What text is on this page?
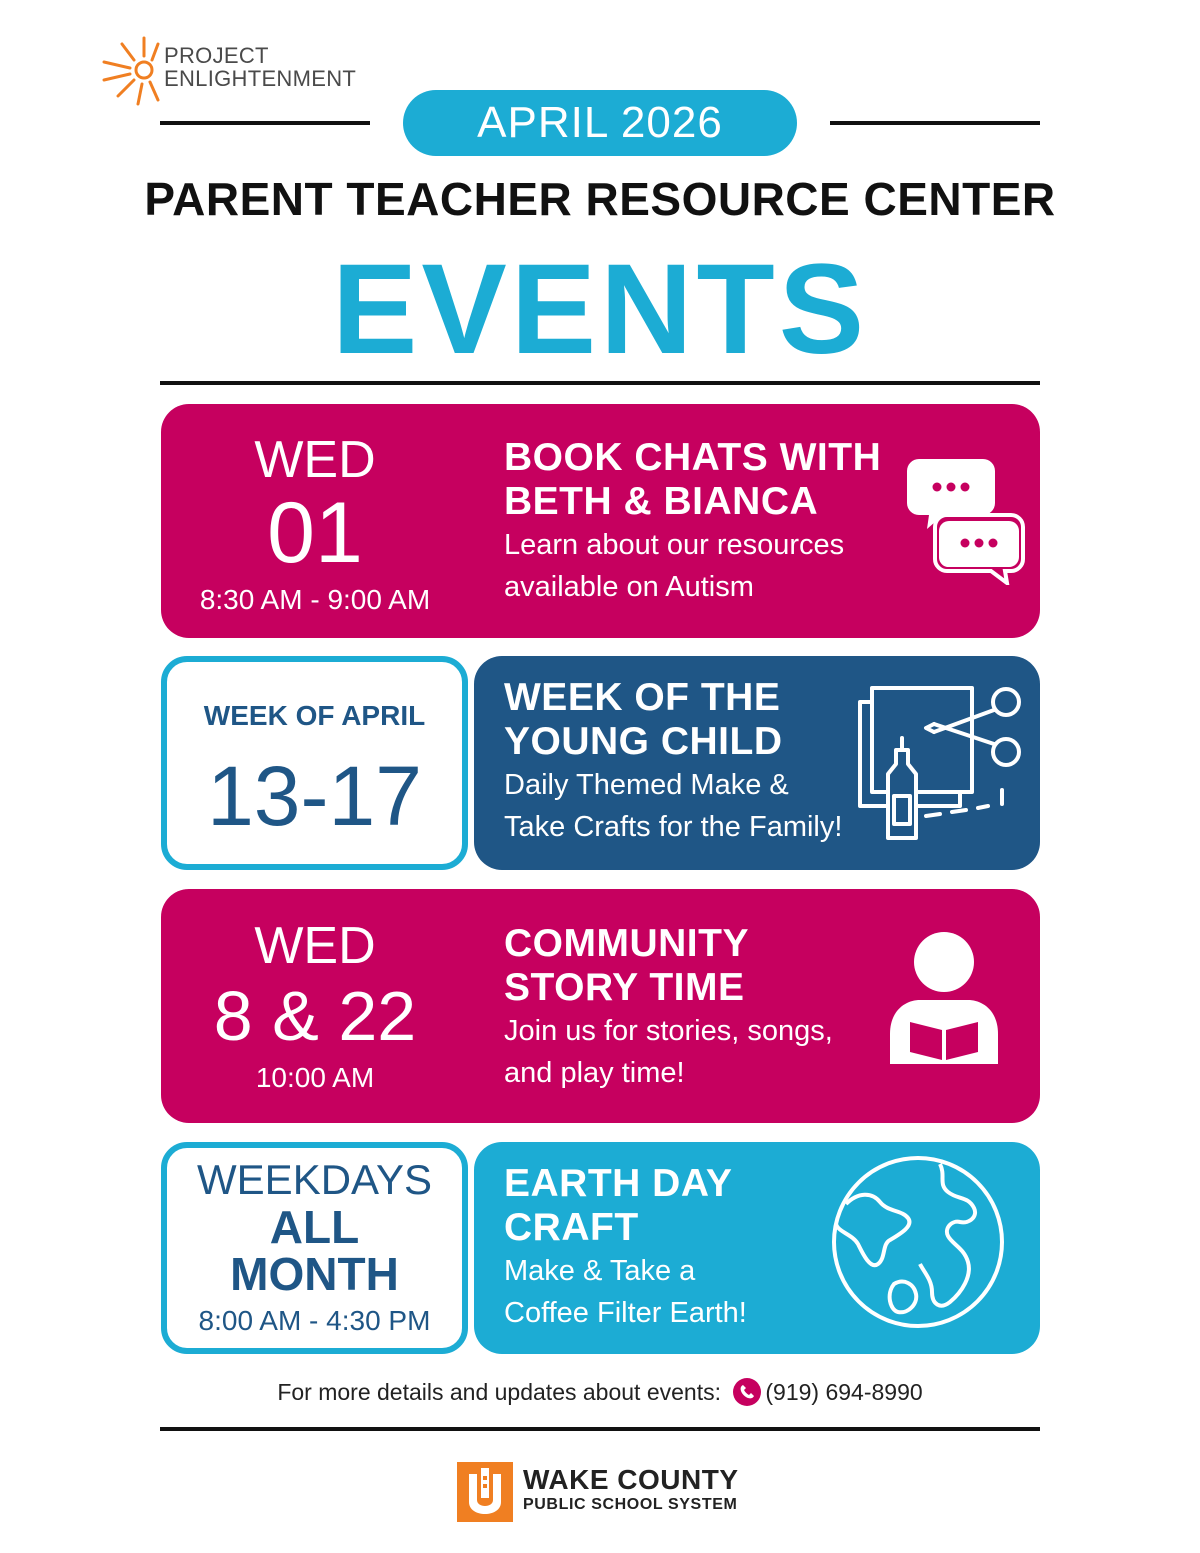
PROJECT
ENLIGHTENMENT
APRIL 2026
PARENT TEACHER RESOURCE CENTER
EVENTS
WED
01
8:30 AM - 9:00 AM
BOOK CHATS WITH
BETH & BIANCA
Learn about our resources
available on Autism
WEEK OF APRIL
13-17
WEEK OF THE
YOUNG CHILD
Daily Themed Make &
Take Crafts for the Family!
WED
8 & 22
10:00 AM
COMMUNITY
STORY TIME
Join us for stories, songs,
and play time!
WEEKDAYS
ALL
MONTH
8:00 AM - 4:30 PM
EARTH DAY
CRAFT
Make & Take a
Coffee Filter Earth!
For more details and updates about events: (919) 694-8990
WAKE COUNTY
PUBLIC SCHOOL SYSTEM
